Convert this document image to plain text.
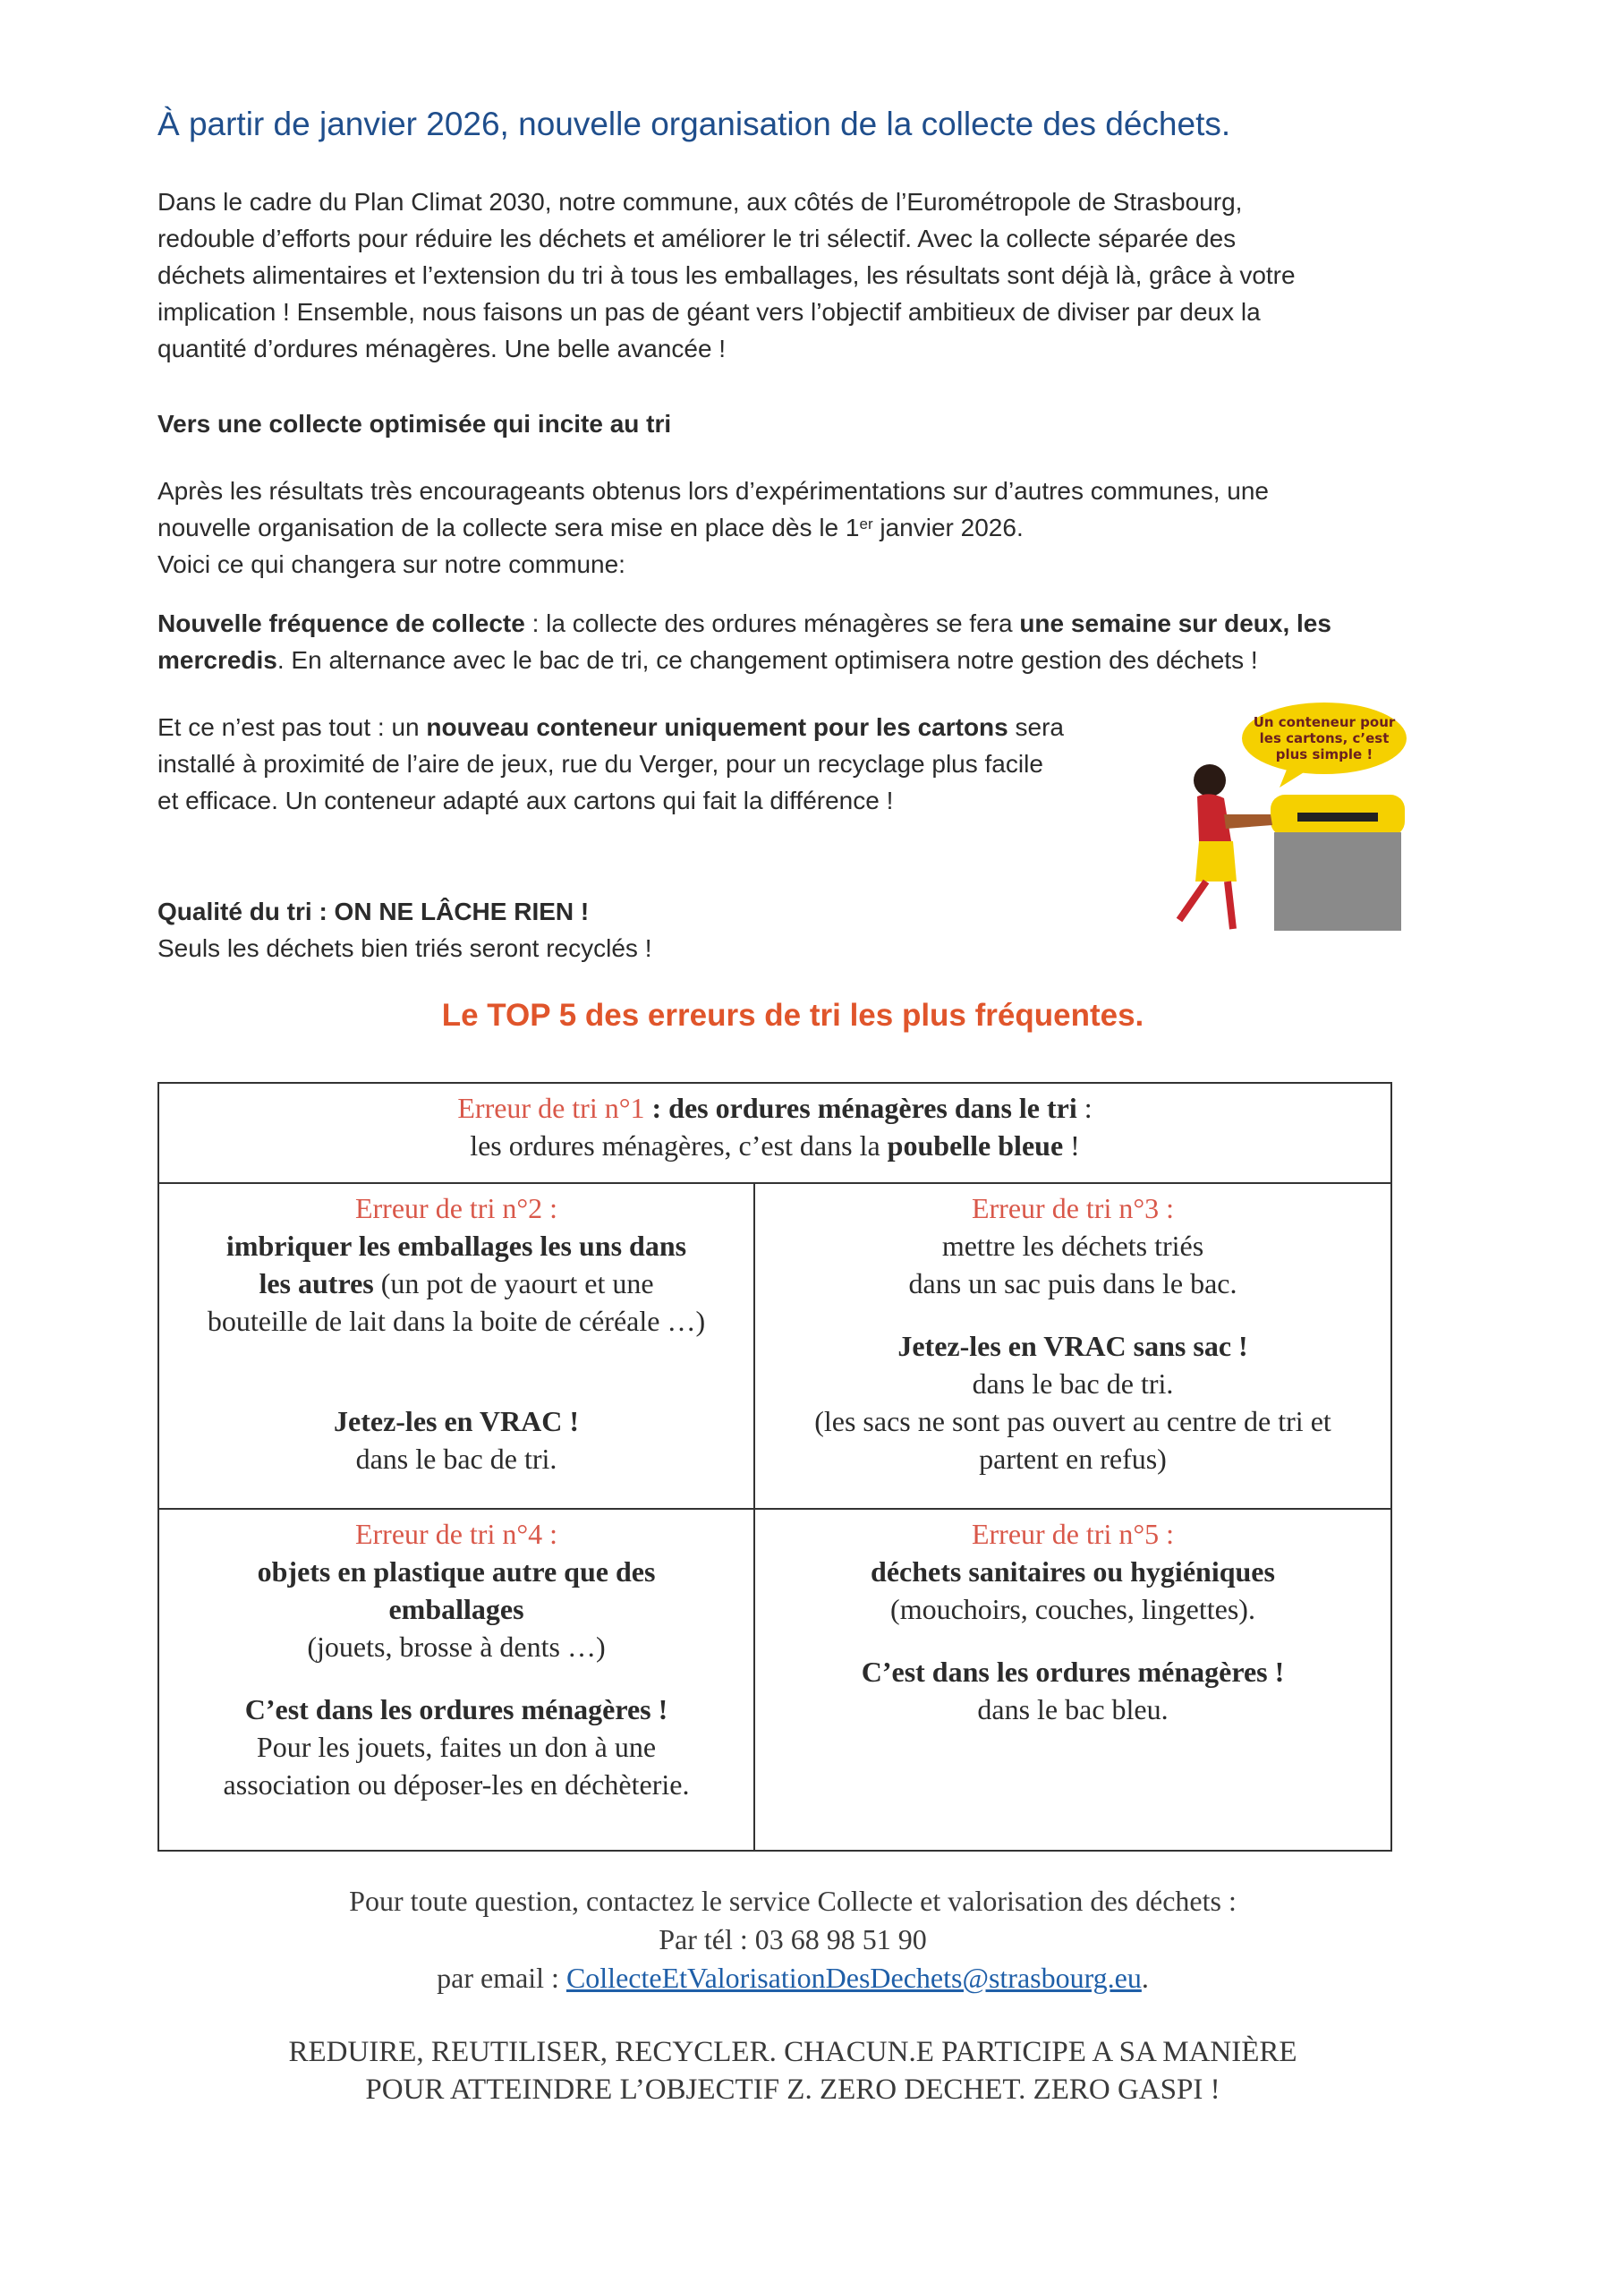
À partir de janvier 2026, nouvelle organisation de la collecte des déchets.

Dans le cadre du Plan Climat 2030, notre commune, aux côtés de l’Eurométropole de Strasbourg,
redouble d’efforts pour réduire les déchets et améliorer le tri sélectif. Avec la collecte séparée des
déchets alimentaires et l’extension du tri à tous les emballages, les résultats sont déjà là, grâce à votre
implication ! Ensemble, nous faisons un pas de géant vers l’objectif ambitieux de diviser par deux la
quantité d’ordures ménagères. Une belle avancée !

Vers une collecte optimisée qui incite au tri

Après les résultats très encourageants obtenus lors d’expérimentations sur d’autres communes, une
nouvelle organisation de la collecte sera mise en place dès le 1er janvier 2026.
Voici ce qui changera sur notre commune:

Nouvelle fréquence de collecte : la collecte des ordures ménagères se fera une semaine sur deux, les
mercredis. En alternance avec le bac de tri, ce changement optimisera notre gestion des déchets !

Et ce n’est pas tout : un nouveau conteneur uniquement pour les cartons sera
installé à proximité de l’aire de jeux, rue du Verger, pour un recyclage plus facile
et efficace. Un conteneur adapté aux cartons qui fait la différence !

Un conteneur pour
les cartons, c’est
plus simple !

Qualité du tri : ON NE LÂCHE RIEN !
Seuls les déchets bien triés seront recyclés !

Le TOP 5 des erreurs de tri les plus fréquentes.
Erreur de tri n°1 : des ordures ménagères dans le tri :
les ordures ménagères, c’est dans la poubelle bleue !
Erreur de tri n°2 :
imbriquer les emballages les uns dans
les autres (un pot de yaourt et une
bouteille de lait dans la boite de céréale …)
Jetez-les en VRAC !
dans le bac de tri.
Erreur de tri n°3 :
mettre les déchets triés
dans un sac puis dans le bac.
Jetez-les en VRAC sans sac !
dans le bac de tri.
(les sacs ne sont pas ouvert au centre de tri et
partent en refus)
Erreur de tri n°4 :
objets en plastique autre que des
emballages
(jouets, brosse à dents …)
C’est dans les ordures ménagères !
Pour les jouets, faites un don à une
association ou déposer-les en déchèterie.
Erreur de tri n°5 :
déchets sanitaires ou hygiéniques
(mouchoirs, couches, lingettes).
C’est dans les ordures ménagères !
dans le bac bleu.

Pour toute question, contactez le service Collecte et valorisation des déchets :
Par tél : 03 68 98 51 90
par email : CollecteEtValorisationDesDechets@strasbourg.eu.

REDUIRE, REUTILISER, RECYCLER. CHACUN.E PARTICIPE A SA MANIÈRE
POUR ATTEINDRE L’OBJECTIF Z. ZERO DECHET. ZERO GASPI !
